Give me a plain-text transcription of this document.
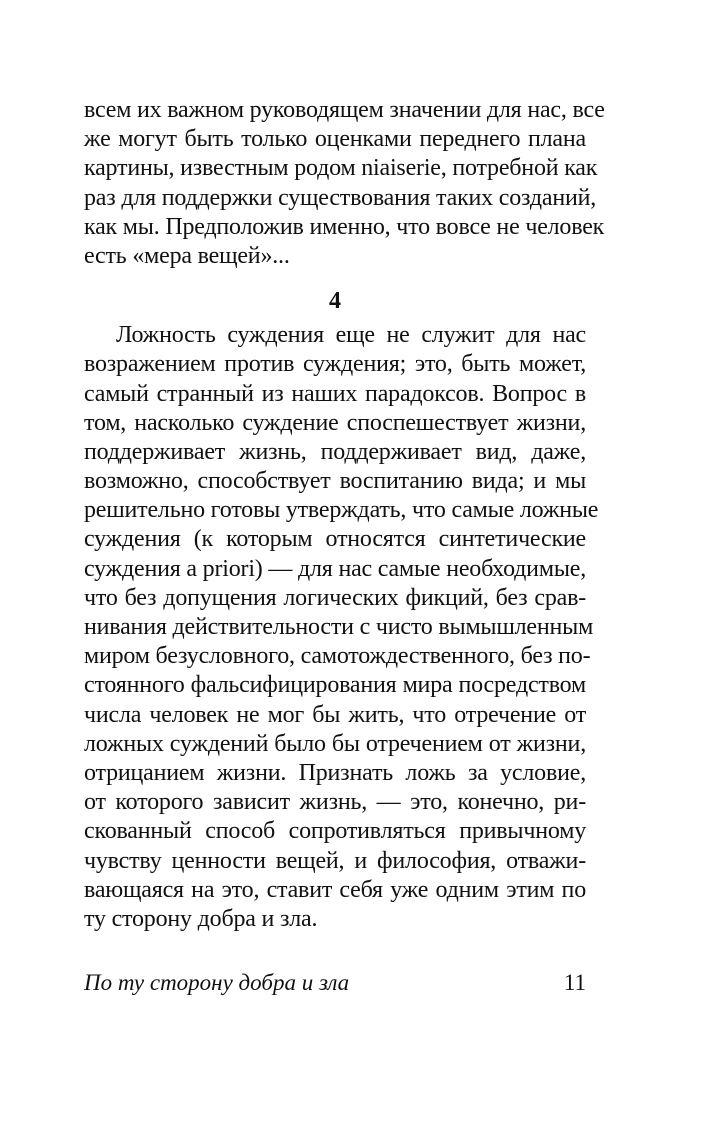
всем их важном руководящем значении для нас, все
же могут быть только оценками переднего плана
картины, известным родом niaiserie, потребной как
раз для поддержки существования таких созданий,
как мы. Предположив именно, что вовсе не человек
есть «мера вещей»...
4
Ложность суждения еще не служит для нас
возражением против суждения; это, быть может,
самый странный из наших парадоксов. Вопрос в
том, насколько суждение споспешествует жизни,
поддерживает жизнь, поддерживает вид, даже,
возможно, способствует воспитанию вида; и мы
решительно готовы утверждать, что самые ложные
суждения (к которым относятся синтетические
суждения a priori) — для нас самые необходимые,
что без допущения логических фикций, без срав-
нивания действительности с чисто вымышленным
миром безусловного, самотождественного, без по-
стоянного фальсифицирования мира посредством
числа человек не мог бы жить, что отречение от
ложных суждений было бы отречением от жизни,
отрицанием жизни. Признать ложь за условие,
от которого зависит жизнь, — это, конечно, ри-
скованный способ сопротивляться привычному
чувству ценности вещей, и философия, отважи-
вающаяся на это, ставит себя уже одним этим по
ту сторону добра и зла.
По ту сторону добра и зла	11
